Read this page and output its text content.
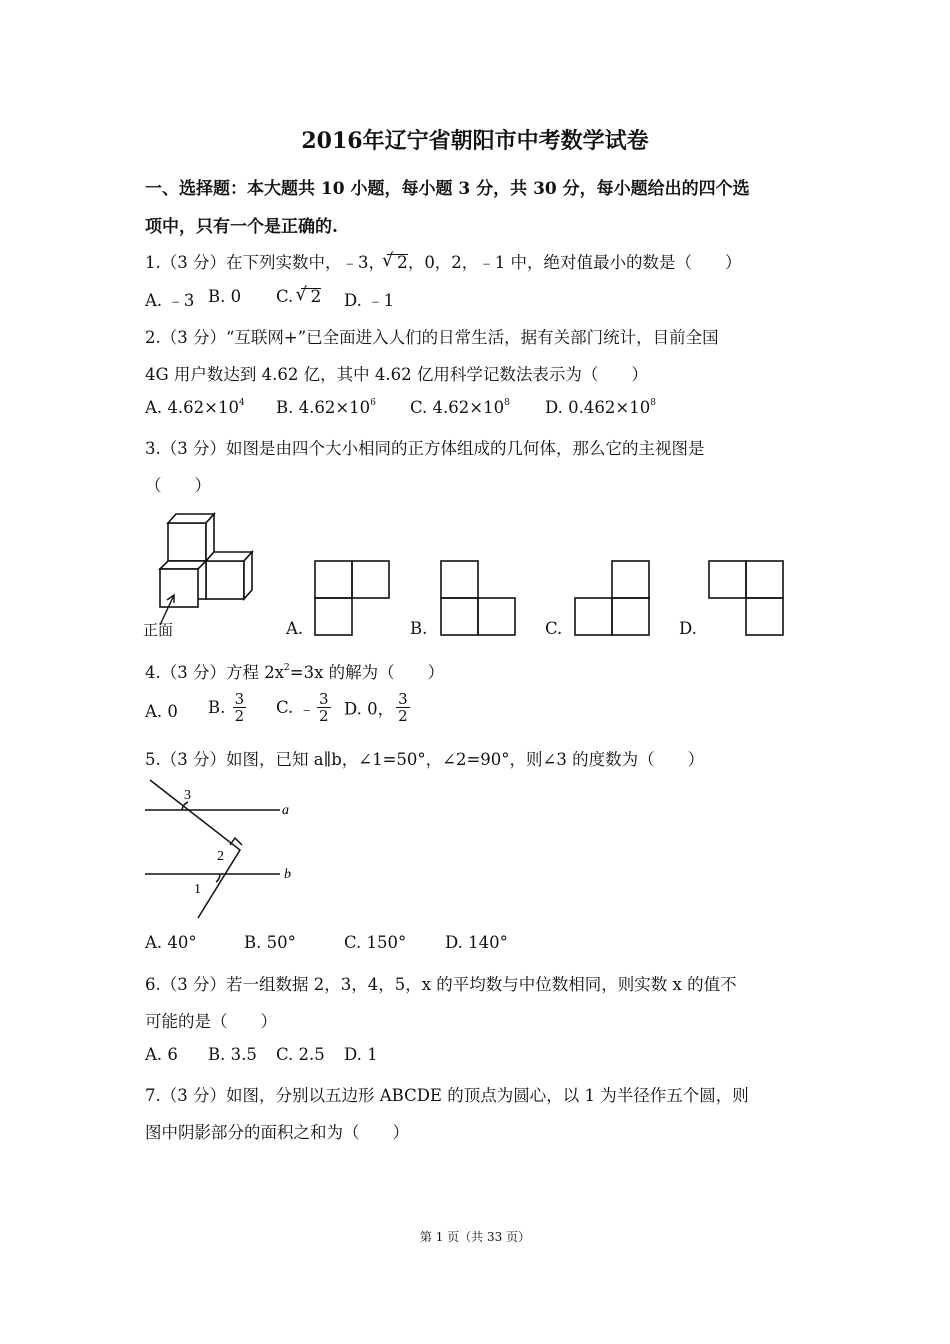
2016年辽宁省朝阳市中考数学试卷
一、选择题：本大题共 10 小题，每小题 3 分，共 30 分，每小题给出的四个选
项中，只有一个是正确的.
1.（3 分）在下列实数中，﹣3， √ 2，0，2，﹣1 中，绝对值最小的数是（　　）
A. ﹣3 B. 0 C. √ 2 D. ﹣1
2.（3 分）“互联网+”已全面进入人们的日常生活，据有关部门统计，目前全国
4G 用户数达到 4.62 亿，其中 4.62 亿用科学记数法表示为（　　）
A. $4.62\times 10^4$ B. $4.62\times 10^6$ C. $4.62\times 10^8$ D. $0.462\times 10^8$
3.（3 分）如图是由四个大小相同的正方体组成的几何体，那么它的主视图是
（　　）
正面	A.	B.	C.	D.
4.（3 分）方程 $2x^2=3x$ 的解为（　　）
A. 0 B. $\frac{3}{2} C$. ﹣ $\frac{3}{2} D$. 0， $\frac{3}{2}$
5.（3 分）如图，已知 a∥b，∠1=50°，∠2=90°，则∠3 的度数为（　　）
3
a
2
b
1
A. 40°	B. 50°	C. 150° D. 140°
6.（3 分）若一组数据 2，3，4，5，x 的平均数与中位数相同，则实数 x 的值不
可能的是（　　）
A. 6 B. 3.5 C. 2.5 D. 1
7.（3 分）如图，分别以五边形 ABCDE 的顶点为圆心，以 1 为半径作五个圆，则
图中阴影部分的面积之和为（　　）
第 1 页（共 33 页）
